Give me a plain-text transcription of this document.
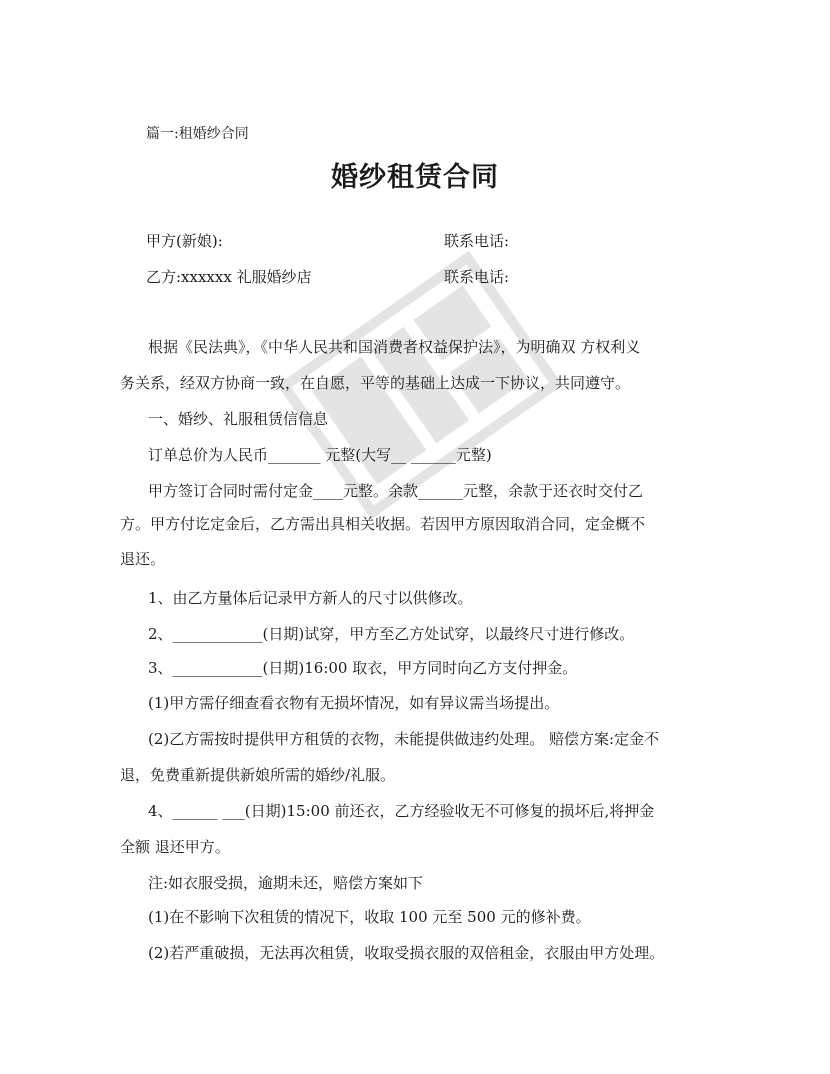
篇一:租婚纱合同
婚纱租赁合同
甲方(新娘):	联系电话:
乙方:xxxxxx 礼服婚纱店	联系电话:
根据《民法典》，《中华人民共和国消费者权益保护法》，为明确双 方权利义
务关系，经双方协商一致，在自愿，平等的基础上达成一下协议，共同遵守。
一、婚纱、礼服租赁信信息
订单总价为人民币_______ 元整(大写__ ______元整)
甲方签订合同时需付定金____元整。余款______元整，余款于还衣时交付乙
方。甲方付讫定金后，乙方需出具相关收据。若因甲方原因取消合同，定金概不
退还。
1、由乙方量体后记录甲方新人的尺寸以供修改。
2、____________(日期)试穿，甲方至乙方处试穿，以最终尺寸进行修改。
3、____________(日期)16:00 取衣，甲方同时向乙方支付押金。
(1)甲方需仔细查看衣物有无损坏情况，如有异议需当场提出。
(2)乙方需按时提供甲方租赁的衣物，未能提供做违约处理。 赔偿方案:定金不
退，免费重新提供新娘所需的婚纱/礼服。
4、______ ___(日期)15:00 前还衣，乙方经验收无不可修复的损坏后,将押金
全额 退还甲方。
注:如衣服受损，逾期未还，赔偿方案如下
(1)在不影响下次租赁的情况下，收取 100 元至 500 元的修补费。
(2)若严重破损，无法再次租赁，收取受损衣服的双倍租金，衣服由甲方处理。
